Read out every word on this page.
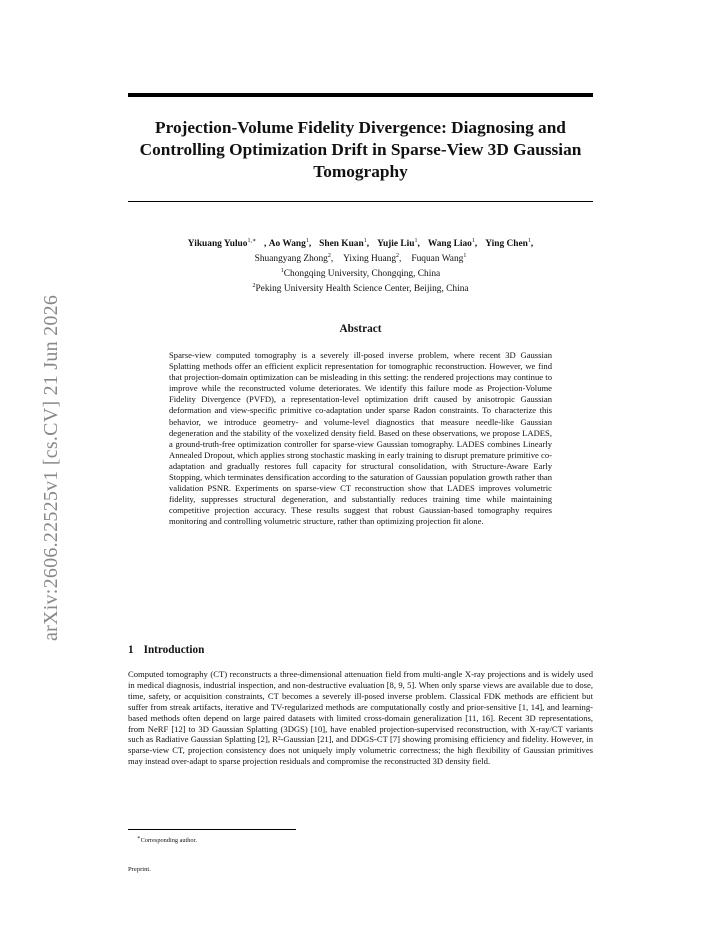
arXiv:2606.22525v1 [cs.CV] 21 Jun 2026
Projection-Volume Fidelity Divergence: Diagnosing and Controlling Optimization Drift in Sparse-View 3D Gaussian Tomography
Yikuang Yuluo$^{1,∗}$ , Ao Wang$^1$, Shen Kuan$^1$, Yujie Liu$^1$, Wang Liao$^1$, Ying Chen$^1$,
Shuangyang Zhong$^2$, Yixing Huang$^2$, Fuquan Wang$^1$
$^1$Chongqing University, Chongqing, China
$^2$Peking University Health Science Center, Beijing, China
Abstract
Sparse-view computed tomography is a severely ill-posed inverse problem, where recent 3D Gaussian Splatting methods offer an efficient explicit representation for tomographic reconstruction. However, we find that projection-domain optimization can be misleading in this setting: the rendered projections may continue to improve while the reconstructed volume deteriorates. We identify this failure mode as Projection-Volume Fidelity Divergence (PVFD), a representation-level optimization drift caused by anisotropic Gaussian deformation and view-specific primitive co-adaptation under sparse Radon constraints. To characterize this behavior, we introduce geometry- and volume-level diagnostics that measure needle-like Gaussian degeneration and the stability of the voxelized density field. Based on these observations, we propose LADES, a ground-truth-free optimization controller for sparse-view Gaussian tomography. LADES combines Linearly Annealed Dropout, which applies strong stochastic masking in early training to disrupt premature primitive co-adaptation and gradually restores full capacity for structural consolidation, with Structure-Aware Early Stopping, which terminates densification according to the saturation of Gaussian population growth rather than validation PSNR. Experiments on sparse-view CT reconstruction show that LADES improves volumetric fidelity, suppresses structural degeneration, and substantially reduces training time while maintaining competitive projection accuracy. These results suggest that robust Gaussian-based tomography requires monitoring and controlling volumetric structure, rather than optimizing projection fit alone.
1 Introduction
Computed tomography (CT) reconstructs a three-dimensional attenuation field from multi-angle X-ray projections and is widely used in medical diagnosis, industrial inspection, and non-destructive evaluation [8, 9, 5]. When only sparse views are available due to dose, time, safety, or acquisition constraints, CT becomes a severely ill-posed inverse problem. Classical FDK methods are efficient but suffer from streak artifacts, iterative and TV-regularized methods are computationally costly and prior-sensitive [1, 14], and learning-based methods often depend on large paired datasets with limited cross-domain generalization [11, 16]. Recent 3D representations, from NeRF [12] to 3D Gaussian Splatting (3DGS) [10], have enabled projection-supervised reconstruction, with X-ray/CT variants such as Radiative Gaussian Splatting [2], R²-Gaussian [21], and DDGS-CT [7] showing promising efficiency and fidelity. However, in sparse-view CT, projection consistency does not uniquely imply volumetric correctness; the high flexibility of Gaussian primitives may instead over-adapt to sparse projection residuals and compromise the reconstructed 3D density field.
∗Corresponding author.
Preprint.
